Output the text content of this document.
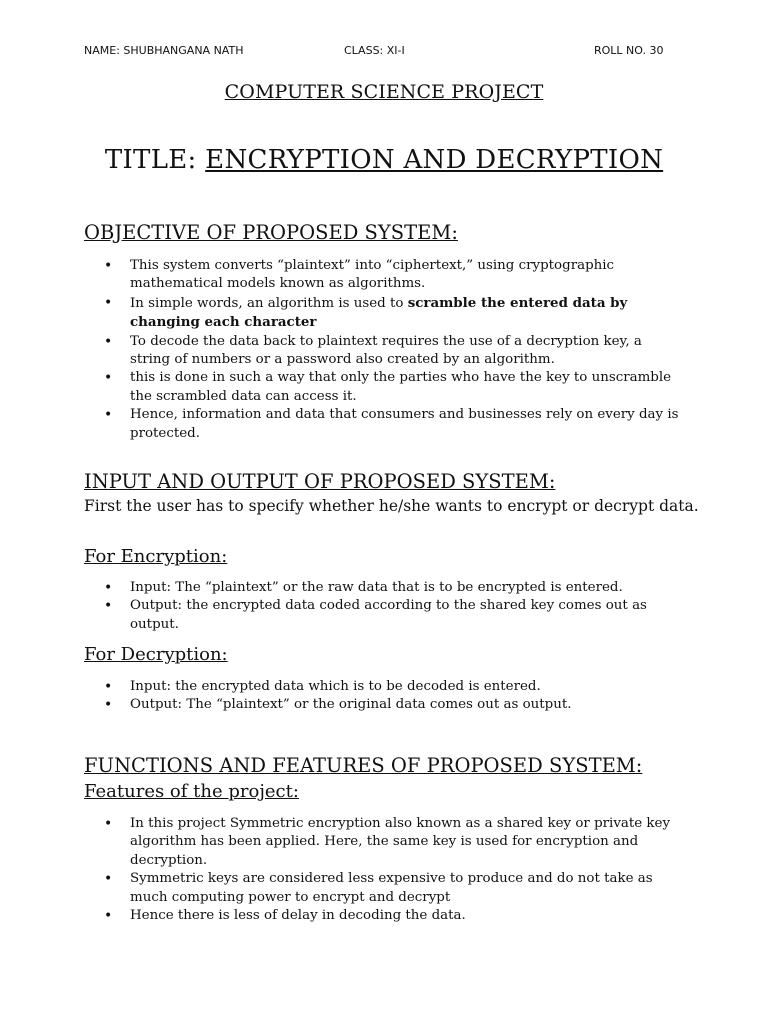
NAME: SHUBHANGANA NATH	CLASS: XI-I	ROLL NO. 30
COMPUTER SCIENCE PROJECT
TITLE: ENCRYPTION AND DECRYPTION
OBJECTIVE OF PROPOSED SYSTEM:
• This system converts “plaintext” into “ciphertext,” using cryptographic mathematical models known as algorithms.
• In simple words, an algorithm is used to scramble the entered data by changing each character
• To decode the data back to plaintext requires the use of a decryption key, a string of numbers or a password also created by an algorithm.
• this is done in such a way that only the parties who have the key to unscramble the scrambled data can access it.
• Hence, information and data that consumers and businesses rely on every day is protected.
INPUT AND OUTPUT OF PROPOSED SYSTEM:
First the user has to specify whether he/she wants to encrypt or decrypt data.
For Encryption:
• Input: The “plaintext” or the raw data that is to be encrypted is entered.
• Output: the encrypted data coded according to the shared key comes out as output.
For Decryption:
• Input: the encrypted data which is to be decoded is entered.
• Output: The “plaintext” or the original data comes out as output.
FUNCTIONS AND FEATURES OF PROPOSED SYSTEM:
Features of the project:
• In this project Symmetric encryption also known as a shared key or private key algorithm has been applied. Here, the same key is used for encryption and decryption.
• Symmetric keys are considered less expensive to produce and do not take as much computing power to encrypt and decrypt
• Hence there is less of delay in decoding the data.
